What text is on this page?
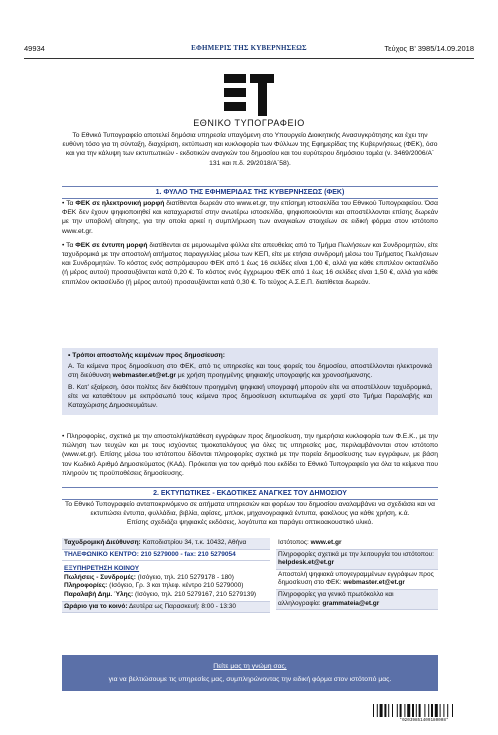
49934	ΕΦΗΜΕΡΙΣ ΤΗΣ ΚΥΒΕΡΝΗΣΕΩΣ	Τεύχος Β’ 3985/14.09.2018
ΕΘΝΙΚΟ ΤΥΠΟΓΡΑΦΕΙΟ
Το Εθνικό Τυπογραφείο αποτελεί δημόσια υπηρεσία υπαγόμενη στο Υπουργείο Διοικητικής Ανασυγκρότησης και έχει την ευθύνη τόσο για τη σύνταξη, διαχείριση, εκτύπωση και κυκλοφορία των Φύλλων της Εφημερίδας της Κυβερνήσεως (ΦΕΚ), όσο και για την κάλυψη των εκτυπωτικών - εκδοτικών αναγκών του δημοσίου και του ευρύτερου δημόσιου τομέα (ν. 3469/2006/Α΄ 131 και π.δ. 29/2018/Α΄58).
1. ΦΥΛΛΟ ΤΗΣ ΕΦΗΜΕΡΙΔΑΣ ΤΗΣ ΚΥΒΕΡΝΗΣΕΩΣ (ΦΕΚ)

• Τα ΦΕΚ σε ηλεκτρονική μορφή διατίθενται δωρεάν στο www.et.gr, την επίσημη ιστοσελίδα του Εθνικού Τυπογραφείου. Όσα ΦΕΚ δεν έχουν ψηφιοποιηθεί και καταχωριστεί στην ανωτέρω ιστοσελίδα, ψηφιοποιούνται και αποστέλλονται επίσης δωρεάν με την υποβολή αίτησης, για την οποία αρκεί η συμπλήρωση των αναγκαίων στοιχείων σε ειδική φόρμα στον ιστότοπο www.et.gr.

• Τα ΦΕΚ σε έντυπη μορφή διατίθενται σε μεμονωμένα φύλλα είτε απευθείας από το Τμήμα Πωλήσεων και Συνδρομητών, είτε ταχυδρομικά με την αποστολή αιτήματος παραγγελίας μέσω των ΚΕΠ, είτε με ετήσια συνδρομή μέσω του Τμήματος Πωλήσεων και Συνδρομητών. Το κόστος ενός ασπρόμαυρου ΦΕΚ από 1 έως 16 σελίδες είναι 1,00 €, αλλά για κάθε επιπλέον οκτασέλιδο (ή μέρος αυτού) προσαυξάνεται κατά 0,20 €. Το κόστος ενός έγχρωμου ΦΕΚ από 1 έως 16 σελίδες είναι 1,50 €, αλλά για κάθε επιπλέον οκτασέλιδο (ή μέρος αυτού) προσαυξάνεται κατά 0,30 €. Το τεύχος Α.Σ.Ε.Π. διατίθεται δωρεάν.

• Τρόποι αποστολής κειμένων προς δημοσίευση:

Α. Τα κείμενα προς δημοσίευση στο ΦΕΚ, από τις υπηρεσίες και τους φορείς του δημοσίου, αποστέλλονται ηλεκτρονικά στη διεύθυνση webmaster.et@et.gr με χρήση προηγμένης ψηφιακής υπογραφής και χρονοσήμανσης.

Β. Κατ’ εξαίρεση, όσοι πολίτες δεν διαθέτουν προηγμένη ψηφιακή υπογραφή μπορούν είτε να αποστέλλουν ταχυδρομικά, είτε να καταθέτουν με εκπρόσωπό τους κείμενα προς δημοσίευση εκτυπωμένα σε χαρτί στο Τμήμα Παραλαβής και Καταχώρισης Δημοσιευμάτων.

• Πληροφορίες, σχετικά με την αποστολή/κατάθεση εγγράφων προς δημοσίευση, την ημερήσια κυκλοφορία των Φ.Ε.Κ., με την πώληση των τευχών και με τους ισχύοντες τιμοκαταλόγους για όλες τις υπηρεσίες μας, περιλαμβάνονται στον ιστότοπο (www.et.gr). Επίσης μέσω του ιστότοπου δίδονται πληροφορίες σχετικά με την πορεία δημοσίευσης των εγγράφων, με βάση τον Κωδικό Αριθμό Δημοσιεύματος (ΚΑΔ). Πρόκειται για τον αριθμό που εκδίδει το Εθνικό Τυπογραφείο για όλα τα κείμενα που πληρούν τις προϋποθέσεις δημοσίευσης.

2. ΕΚΤΥΠΩΤΙΚΕΣ - ΕΚΔΟΤΙΚΕΣ ΑΝΑΓΚΕΣ ΤΟΥ ΔΗΜΟΣΙΟΥ

Το Εθνικό Τυπογραφείο ανταποκρινόμενο σε αιτήματα υπηρεσιών και φορέων του δημοσίου αναλαμβάνει να σχεδιάσει και να εκτυπώσει έντυπα, φυλλάδια, βιβλία, αφίσες, μπλοκ, μηχανογραφικά έντυπα, φακέλους για κάθε χρήση, κ.ά.

Επίσης σχεδιάζει ψηφιακές εκδόσεις, λογότυπα και παράγει οπτικοακουστικό υλικό.

Ταχυδρομική Διεύθυνση: Καποδιστρίου 34, τ.κ. 10432, Αθήνα
ΤΗΛΕΦΩΝΙΚΟ ΚΕΝΤΡΟ: 210 5279000 - fax: 210 5279054
ΕΞΥΠΗΡΕΤΗΣΗ ΚΟΙΝΟΥ
Πωλήσεις - Συνδρομές: (Ισόγειο, τηλ. 210 5279178 - 180)
Πληροφορίες: (Ισόγειο, Γρ. 3 και τηλεφ. κέντρο 210 5279000)
Παραλαβή Δημ. Ύλης: (Ισόγειο, τηλ. 210 5279167, 210 5279139)
Ωράριο για το κοινό: Δευτέρα ως Παρασκευή: 8:00 - 13:30
Ιστότοπος: www.et.gr
Πληροφορίες σχετικά με την λειτουργία του ιστότοπου: helpdesk.et@et.gr
Αποστολή ψηφιακά υπογεγραμμένων εγγράφων προς δημοσίευση στο ΦΕΚ: webmaster.et@et.gr
Πληροφορίες για γενικό πρωτόκολλο και αλληλογραφία: grammateia@et.gr
Πείτε μας τη γνώμη σας,
για να βελτιώσουμε τις υπηρεσίες μας, συμπληρώνοντας την ειδική φόρμα στον ιστότοπό μας.
*02039851409180008*
